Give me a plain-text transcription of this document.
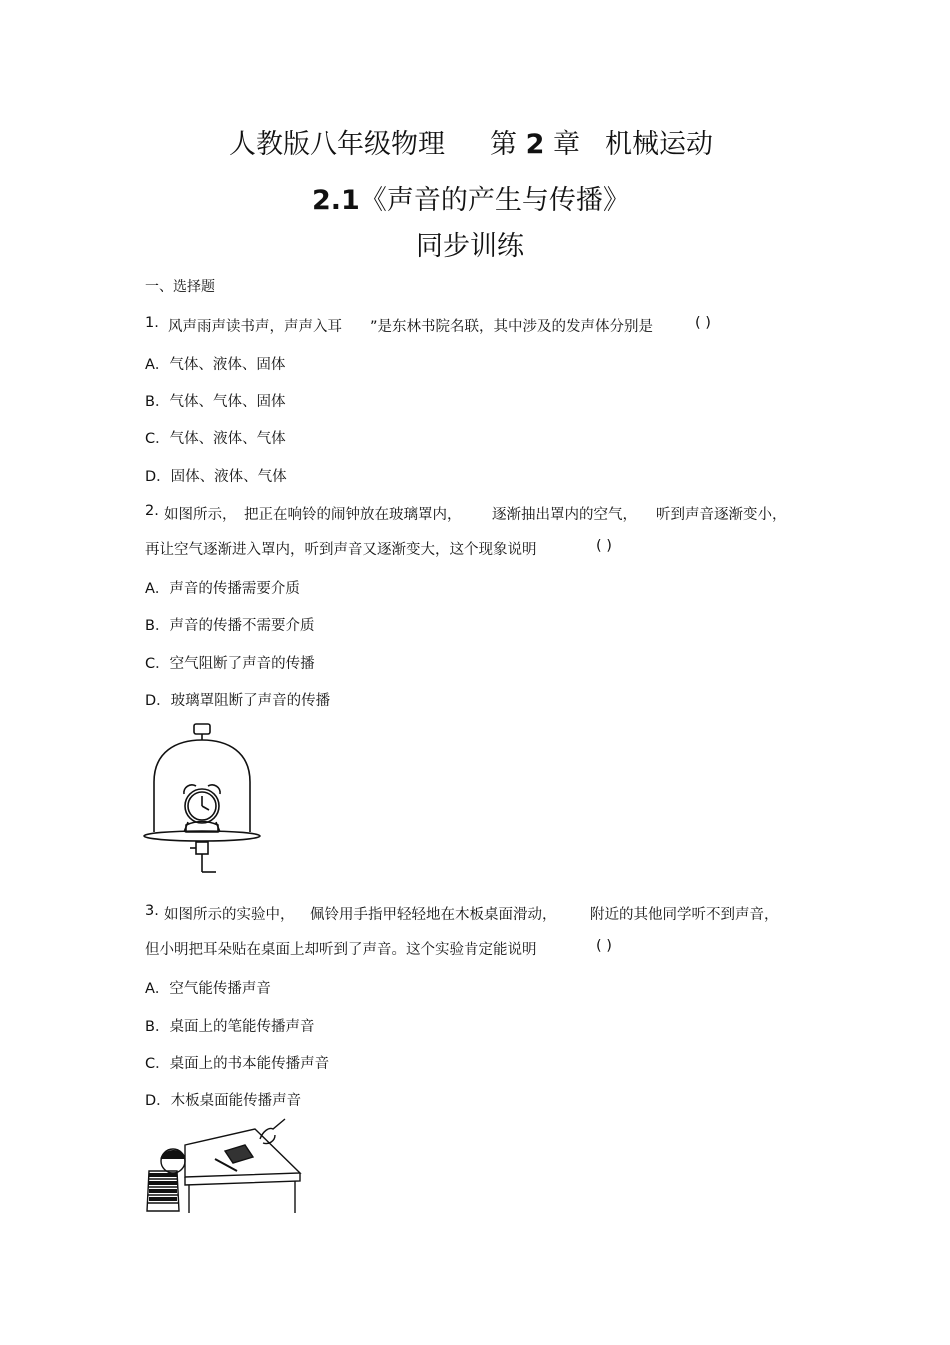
人教版八年级物理 第 2 章 机械运动
2.1《声音的产生与传播》
同步训练
一、选择题
1. 风声雨声读书声，声声入耳 ”是东林书院名联，其中涉及的发声体分别是	( )
A．气体、液体、固体
B．气体、气体、固体
C．气体、液体、气体
D．固体、液体、气体
2. 如图所示， 把正在响铃的闹钟放在玻璃罩内， 逐渐抽出罩内的空气， 听到声音逐渐变小，
再让空气逐渐进入罩内，听到声音又逐渐变大，这个现象说明	( )
A．声音的传播需要介质
B．声音的传播不需要介质
C．空气阻断了声音的传播
D．玻璃罩阻断了声音的传播
3. 如图所示的实验中， 佩铃用手指甲轻轻地在木板桌面滑动， 附近的其他同学听不到声音，
但小明把耳朵贴在桌面上却听到了声音。这个实验肯定能说明	( )
A．空气能传播声音
B．桌面上的笔能传播声音
C．桌面上的书本能传播声音
D．木板桌面能传播声音
